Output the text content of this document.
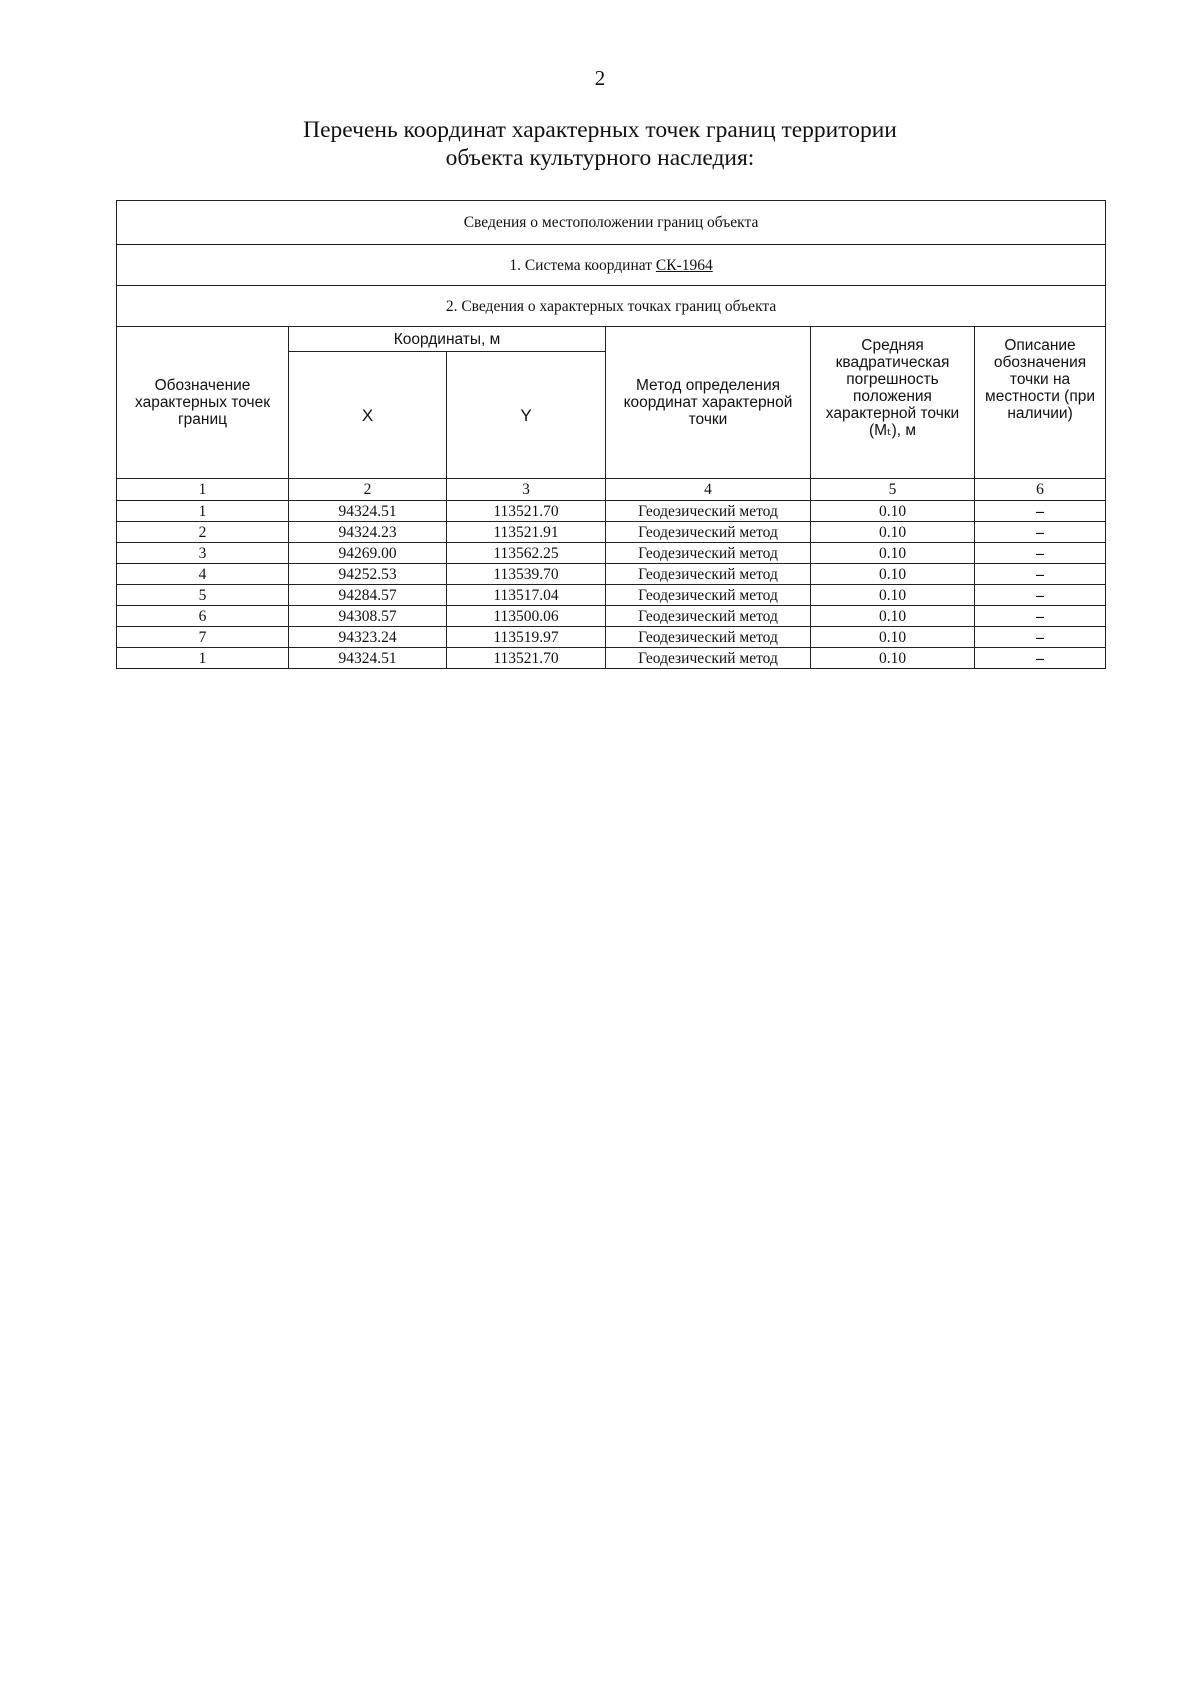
2
Перечень координат характерных точек границ территории
объекта культурного наследия:
Сведения о местоположении границ объекта					
1. Система координат СК-1964					
2. Сведения о характерных точках границ объекта					
Обозначение характерных точек границ	Координаты, м		Метод определения координат характерной точки	Средняя квадратическая погрешность положения характерной точки (Mₜ), м	Описание обозначения точки на местности (при наличии)
	X	Y			
1	2	3	4	5	6
1	94324.51	113521.70	Геодезический метод	0.10	–
2	94324.23	113521.91	Геодезический метод	0.10	–
3	94269.00	113562.25	Геодезический метод	0.10	–
4	94252.53	113539.70	Геодезический метод	0.10	–
5	94284.57	113517.04	Геодезический метод	0.10	–
6	94308.57	113500.06	Геодезический метод	0.10	–
7	94323.24	113519.97	Геодезический метод	0.10	–
1	94324.51	113521.70	Геодезический метод	0.10	–
